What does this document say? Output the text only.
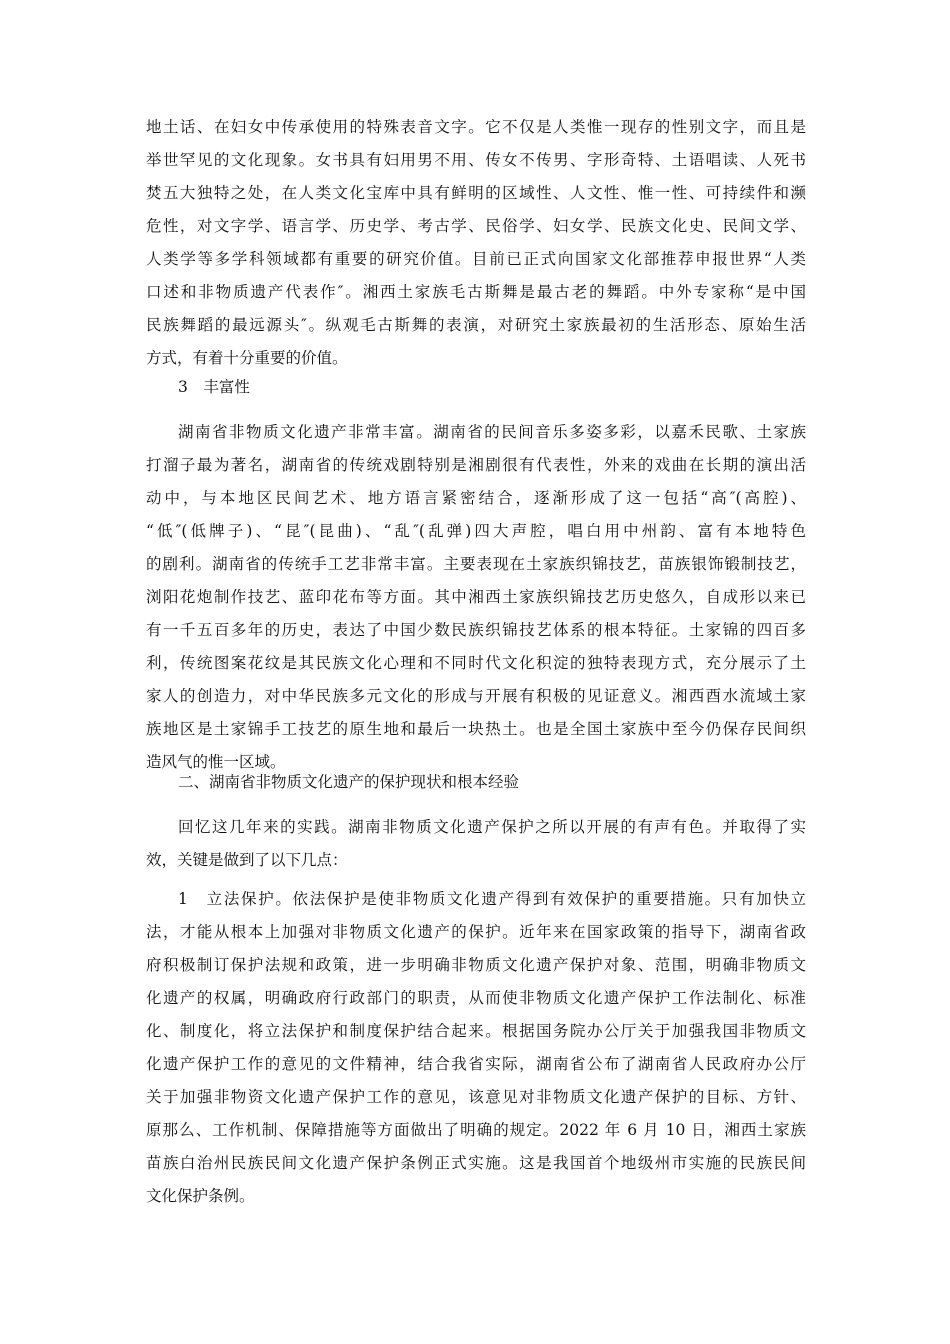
地土话、在妇女中传承使用的特殊表音文字。它不仅是人类惟一现存的性别文字，而且是
举世罕见的文化现象。女书具有妇用男不用、传女不传男、字形奇特、土语唱读、人死书
焚五大独特之处，在人类文化宝库中具有鲜明的区域性、人文性、惟一性、可持续件和濒
危性，对文字学、语言学、历史学、考古学、民俗学、妇女学、民族文化史、民间文学、
人类学等多学科领域都有重要的研究价值。目前已正式向国家文化部推荐申报世界“人类
口述和非物质遗产代表作″。湘西土家族毛古斯舞是最古老的舞蹈。中外专家称“是中国
民族舞蹈的最远源头″。纵观毛古斯舞的表演，对研究土家族最初的生活形态、原始生活
方式，有着十分重要的价值。
3　丰富性
湖南省非物质文化遗产非常丰富。湖南省的民间音乐多姿多彩，以嘉禾民歌、土家族
打溜子最为著名，湖南省的传统戏剧特别是湘剧很有代表性，外来的戏曲在长期的演出活
动中，与本地区民间艺术、地方语言紧密结合，逐渐形成了这一包括“高″(高腔)、
“低″(低牌子)、“昆″(昆曲)、“乱″(乱弹)四大声腔，唱白用中州韵、富有本地特色
的剧利。湖南省的传统手工艺非常丰富。主要表现在土家族织锦技艺，苗族银饰锻制技艺，
浏阳花炮制作技艺、蓝印花布等方面。其中湘西土家族织锦技艺历史悠久，自成形以来已
有一千五百多年的历史，表达了中国少数民族织锦技艺体系的根本特征。土家锦的四百多
利，传统图案花纹是其民族文化心理和不同时代文化积淀的独特表现方式，充分展示了土
家人的创造力，对中华民族多元文化的形成与开展有积极的见证意义。湘西酉水流域土家
族地区是土家锦手工技艺的原生地和最后一块热土。也是全国土家族中至今仍保存民间织
造风气的惟一区域。
二、湖南省非物质文化遗产的保护现状和根本经验
回忆这几年来的实践。湖南非物质文化遗产保护之所以开展的有声有色。并取得了实
效，关键是做到了以下几点：
1　立法保护。依法保护是使非物质文化遗产得到有效保护的重要措施。只有加快立
法，才能从根本上加强对非物质文化遗产的保护。近年来在国家政策的指导下，湖南省政
府积极制订保护法规和政策，进一步明确非物质文化遗产保护对象、范围，明确非物质文
化遗产的权属，明确政府行政部门的职责，从而使非物质文化遗产保护工作法制化、标准
化、制度化，将立法保护和制度保护结合起来。根据国务院办公厅关于加强我国非物质文
化遗产保护工作的意见的文件精神，结合我省实际，湖南省公布了湖南省人民政府办公厅
关于加强非物资文化遗产保护工作的意见，该意见对非物质文化遗产保护的目标、方针、
原那么、工作机制、保障措施等方面做出了明确的规定。2022 年 6 月 10 日，湘西土家族
苗族白治州民族民间文化遗产保护条例正式实施。这是我国首个地级州市实施的民族民间
文化保护条例。
